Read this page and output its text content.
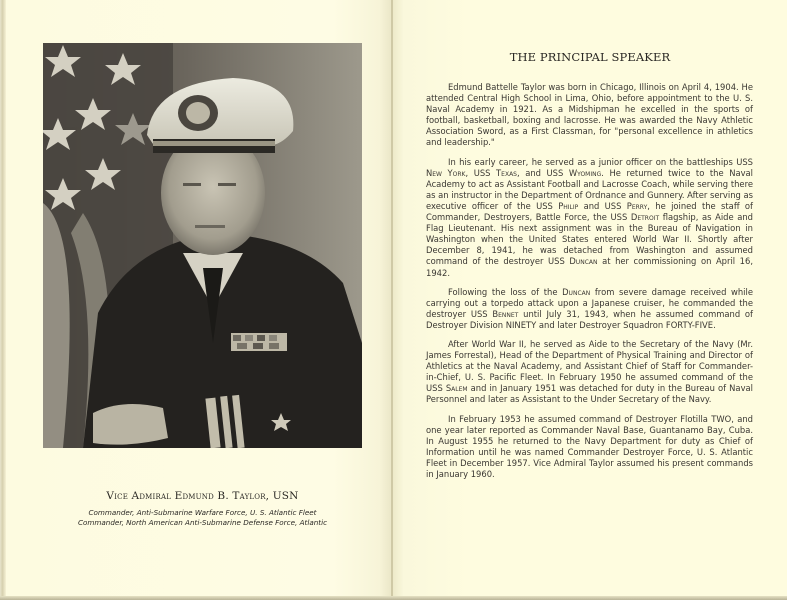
Vice Admiral Edmund B. Taylor, USN
Commander, Anti-Submarine Warfare Force, U. S. Atlantic Fleet
Commander, North American Anti-Submarine Defense Force, Atlantic
THE PRINCIPAL SPEAKER

Edmund Battelle Taylor was born in Chicago, Illinois on April 4, 1904. He attended Central High School in Lima, Ohio, before appointment to the U. S. Naval Academy in 1921. As a Midshipman he excelled in the sports of football, basketball, boxing and lacrosse. He was awarded the Navy Athletic Association Sword, as a First Classman, for "personal excellence in athletics and leadership."

In his early career, he served as a junior officer on the battleships USS New York, USS Texas, and USS Wyoming. He returned twice to the Naval Academy to act as Assistant Football and Lacrosse Coach, while serving there as an instructor in the Department of Ordnance and Gunnery. After serving as executive officer of the USS Philip and USS Perry, he joined the staff of Commander, Destroyers, Battle Force, the USS Detroit flagship, as Aide and Flag Lieutenant. His next assignment was in the Bureau of Navigation in Washington when the United States entered World War II. Shortly after December 8, 1941, he was detached from Washington and assumed command of the destroyer USS Duncan at her commissioning on April 16, 1942.

Following the loss of the Duncan from severe damage received while carrying out a torpedo attack upon a Japanese cruiser, he commanded the destroyer USS Bennet until July 31, 1943, when he assumed command of Destroyer Division NINETY and later Destroyer Squadron FORTY-FIVE.

After World War II, he served as Aide to the Secretary of the Navy (Mr. James Forrestal), Head of the Department of Physical Training and Director of Athletics at the Naval Academy, and Assistant Chief of Staff for Commander-in-Chief, U. S. Pacific Fleet. In February 1950 he assumed command of the USS Salem and in January 1951 was detached for duty in the Bureau of Naval Personnel and later as Assistant to the Under Secretary of the Navy.

In February 1953 he assumed command of Destroyer Flotilla TWO, and one year later reported as Commander Naval Base, Guantanamo Bay, Cuba. In August 1955 he returned to the Navy Department for duty as Chief of Information until he was named Commander Destroyer Force, U. S. Atlantic Fleet in December 1957. Vice Admiral Taylor assumed his present commands in January 1960.
